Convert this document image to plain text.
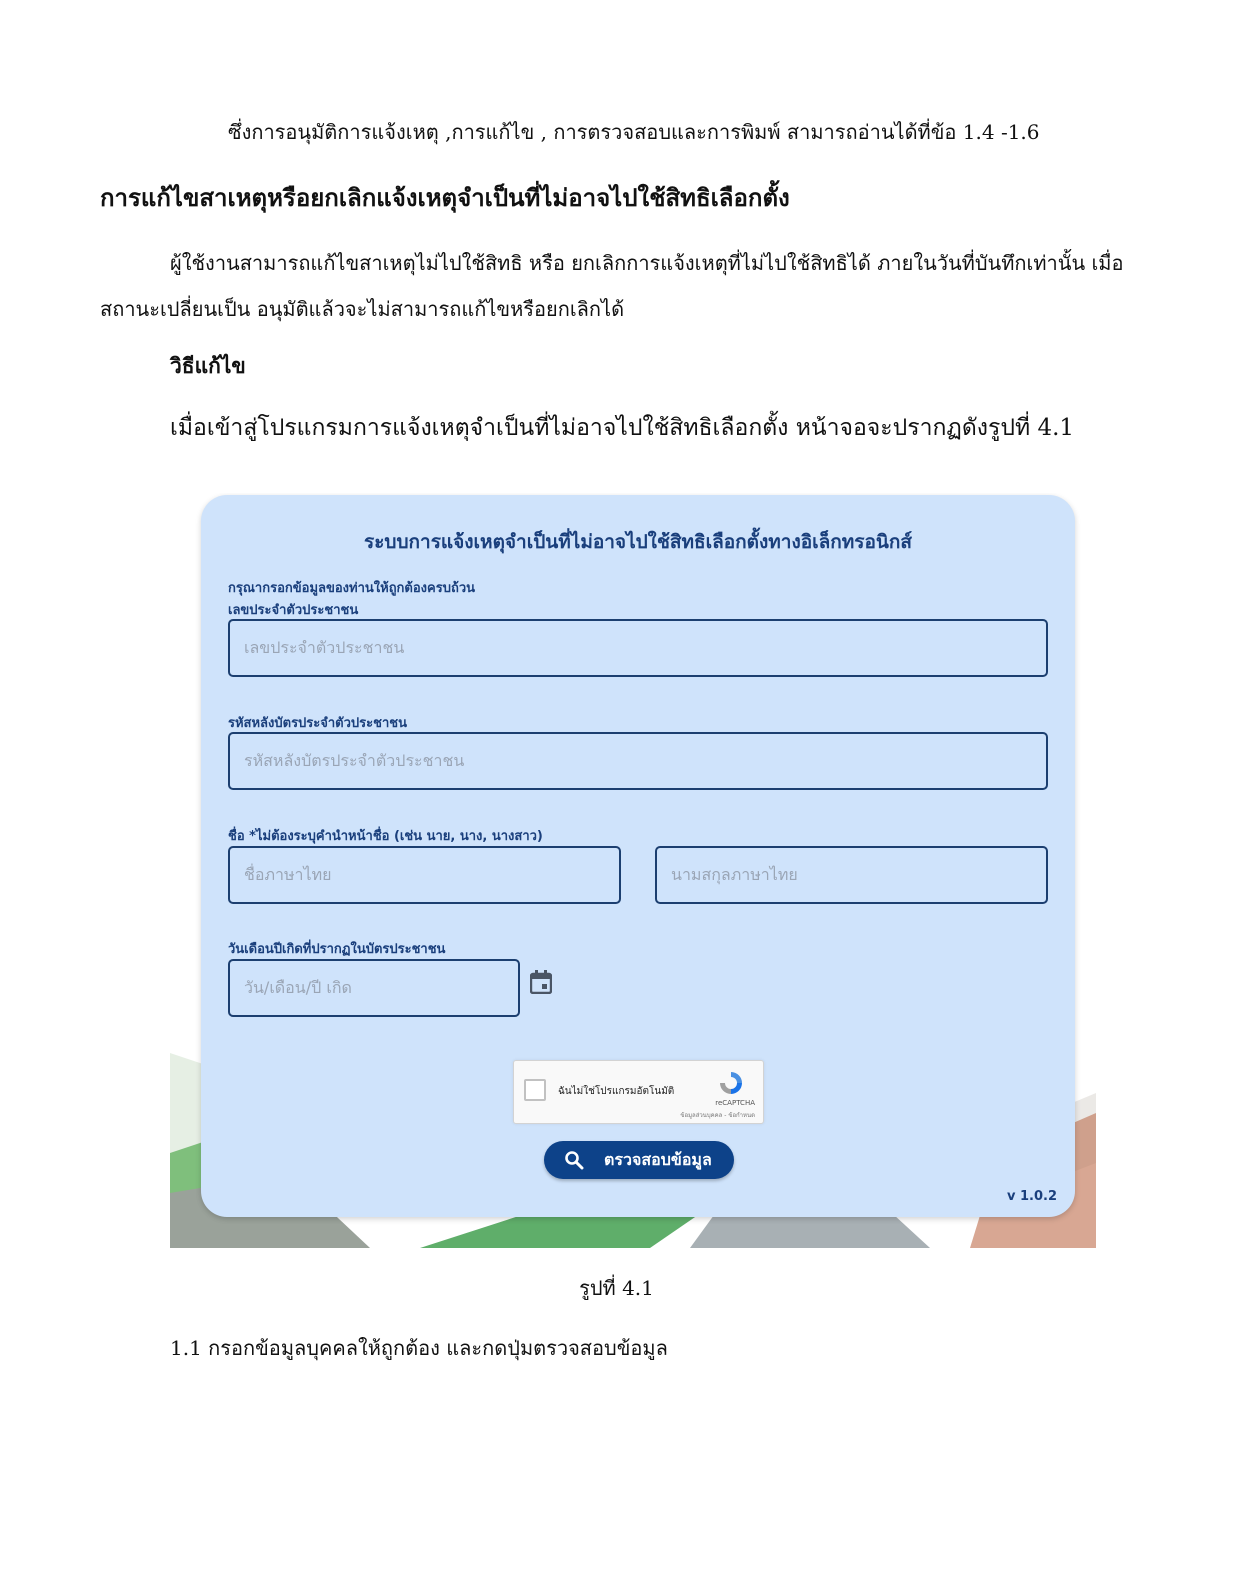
ซึ่งการอนุมัติการแจ้งเหตุ ,การแก้ไข , การตรวจสอบและการพิมพ์ สามารถอ่านได้ที่ข้อ 1.4 -1.6
การแก้ไขสาเหตุหรือยกเลิกแจ้งเหตุจำเป็นที่ไม่อาจไปใช้สิทธิเลือกตั้ง
ผู้ใช้งานสามารถแก้ไขสาเหตุไม่ไปใช้สิทธิ หรือ ยกเลิกการแจ้งเหตุที่ไม่ไปใช้สิทธิได้ ภายในวันที่บันทึกเท่านั้น เมื่อสถานะเปลี่ยนเป็น อนุมัติแล้วจะไม่สามารถแก้ไขหรือยกเลิกได้
วิธีแก้ไข
เมื่อเข้าสู่โปรแกรมการแจ้งเหตุจำเป็นที่ไม่อาจไปใช้สิทธิเลือกตั้ง หน้าจอจะปรากฏดังรูปที่ 4.1
ระบบการแจ้งเหตุจำเป็นที่ไม่อาจไปใช้สิทธิเลือกตั้งทางอิเล็กทรอนิกส์
กรุณากรอกข้อมูลของท่านให้ถูกต้องครบถ้วน
เลขประจำตัวประชาชน
เลขประจำตัวประชาชน
รหัสหลังบัตรประจำตัวประชาชน
รหัสหลังบัตรประจำตัวประชาชน
ชื่อ *ไม่ต้องระบุคำนำหน้าชื่อ (เช่น นาย, นาง, นางสาว)
ชื่อภาษาไทย	นามสกุลภาษาไทย
วันเดือนปีเกิดที่ปรากฏในบัตรประชาชน
วัน/เดือน/ปี เกิด
ฉันไม่ใช่โปรแกรมอัตโนมัติ
reCAPTCHA
ข้อมูลส่วนบุคคล - ข้อกำหนด
ตรวจสอบข้อมูล
v 1.0.2
รูปที่ 4.1
1.1 กรอกข้อมูลบุคคลให้ถูกต้อง และกดปุ่มตรวจสอบข้อมูล
